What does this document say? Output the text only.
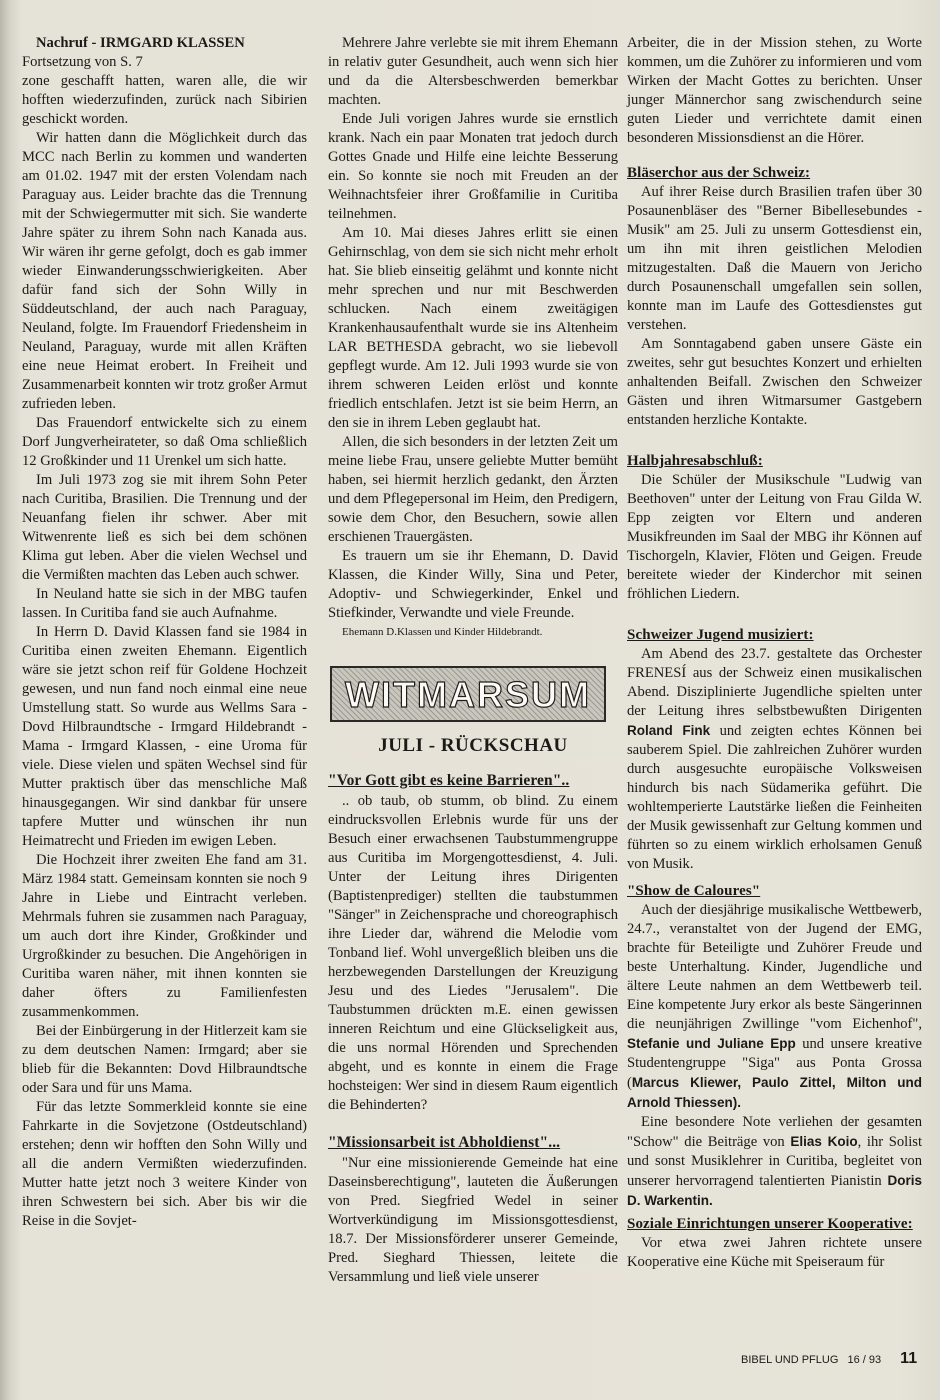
Nachruf - IRMGARD KLASSEN

Fortsetzung von S. 7

zone geschafft hatten, waren alle, die wir hofften wiederzufinden, zurück nach Sibirien geschickt worden.

Wir hatten dann die Möglichkeit durch das MCC nach Berlin zu kommen und wanderten am 01.02. 1947 mit der ersten Volendam nach Paraguay aus. Leider brachte das die Trennung mit der Schwiegermutter mit sich. Sie wanderte Jahre später zu ihrem Sohn nach Kanada aus. Wir wären ihr gerne gefolgt, doch es gab immer wieder Einwanderungsschwierigkeiten. Aber dafür fand sich der Sohn Willy in Süddeutschland, der auch nach Paraguay, Neuland, folgte. Im Frauendorf Friedensheim in Neuland, Paraguay, wurde mit allen Kräften eine neue Heimat erobert. In Freiheit und Zusammenarbeit konnten wir trotz großer Armut zufrieden leben.

Das Frauendorf entwickelte sich zu einem Dorf Jungverheirateter, so daß Oma schließlich 12 Großkinder und 11 Urenkel um sich hatte.

Im Juli 1973 zog sie mit ihrem Sohn Peter nach Curitiba, Brasilien. Die Trennung und der Neuanfang fielen ihr schwer. Aber mit Witwenrente ließ es sich bei dem schönen Klima gut leben. Aber die vielen Wechsel und die Vermißten machten das Leben auch schwer.

In Neuland hatte sie sich in der MBG taufen lassen. In Curitiba fand sie auch Aufnahme.

In Herrn D. David Klassen fand sie 1984 in Curitiba einen zweiten Ehemann. Eigentlich wäre sie jetzt schon reif für Goldene Hochzeit gewesen, und nun fand noch einmal eine neue Umstellung statt. So wurde aus Wellms Sara - Dovd Hilbraundtsche - Irmgard Hildebrandt - Mama - Irmgard Klassen, - eine Uroma für viele. Diese vielen und späten Wechsel sind für Mutter praktisch über das menschliche Maß hinausgegangen. Wir sind dankbar für unsere tapfere Mutter und wünschen ihr nun Heimatrecht und Frieden im ewigen Leben.

Die Hochzeit ihrer zweiten Ehe fand am 31. März 1984 statt. Gemeinsam konnten sie noch 9 Jahre in Liebe und Eintracht verleben. Mehrmals fuhren sie zusammen nach Paraguay, um auch dort ihre Kinder, Großkinder und Urgroßkinder zu besuchen. Die Angehörigen in Curitiba waren näher, mit ihnen konnten sie daher öfters zu Familienfesten zusammenkommen.

Bei der Einbürgerung in der Hitlerzeit kam sie zu dem deutschen Namen: Irmgard; aber sie blieb für die Bekannten: Dovd Hilbraundtsche oder Sara und für uns Mama.

Für das letzte Sommerkleid konnte sie eine Fahrkarte in die Sovjetzone (Ostdeutschland) erstehen; denn wir hofften den Sohn Willy und all die andern Vermißten wiederzufinden. Mutter hatte jetzt noch 3 weitere Kinder von ihren Schwestern bei sich. Aber bis wir die Reise in die Sovjet-

Mehrere Jahre verlebte sie mit ihrem Ehemann in relativ guter Gesundheit, auch wenn sich hier und da die Altersbeschwerden bemerkbar machten.

Ende Juli vorigen Jahres wurde sie ernstlich krank. Nach ein paar Monaten trat jedoch durch Gottes Gnade und Hilfe eine leichte Besserung ein. So konnte sie noch mit Freuden an der Weihnachtsfeier ihrer Großfamilie in Curitiba teilnehmen.

Am 10. Mai dieses Jahres erlitt sie einen Gehirnschlag, von dem sie sich nicht mehr erholt hat. Sie blieb einseitig gelähmt und konnte nicht mehr sprechen und nur mit Beschwerden schlucken. Nach einem zweitägigen Krankenhausaufenthalt wurde sie ins Altenheim LAR BETHESDA gebracht, wo sie liebevoll gepflegt wurde. Am 12. Juli 1993 wurde sie von ihrem schweren Leiden erlöst und konnte friedlich entschlafen. Jetzt ist sie beim Herrn, an den sie in ihrem Leben geglaubt hat.

Allen, die sich besonders in der letzten Zeit um meine liebe Frau, unsere geliebte Mutter bemüht haben, sei hiermit herzlich gedankt, den Ärzten und dem Pflegepersonal im Heim, den Predigern, sowie dem Chor, den Besuchern, sowie allen erschienen Trauergästen.

Es trauern um sie ihr Ehemann, D. David Klassen, die Kinder Willy, Sina und Peter, Adoptiv- und Schwiegerkinder, Enkel und Stiefkinder, Verwandte und viele Freunde.

Ehemann D.Klassen und Kinder Hildebrandt.

WITMARSUM
JULI - RÜCKSCHAU

"Vor Gott gibt es keine Barrieren"..

.. ob taub, ob stumm, ob blind. Zu einem eindrucksvollen Erlebnis wurde für uns der Besuch einer erwachsenen Taubstummengruppe aus Curitiba im Morgengottesdienst, 4. Juli. Unter der Leitung ihres Dirigenten (Baptistenprediger) stellten die taubstummen "Sänger" in Zeichensprache und choreographisch ihre Lieder dar, während die Melodie vom Tonband lief. Wohl unvergeßlich bleiben uns die herzbewegenden Darstellungen der Kreuzigung Jesu und des Liedes "Jerusalem". Die Taubstummen drückten m.E. einen gewissen inneren Reichtum und eine Glückseligkeit aus, die uns normal Hörenden und Sprechenden abgeht, und es konnte in einem die Frage hochsteigen: Wer sind in diesem Raum eigentlich die Behinderten?

"Missionsarbeit ist Abholdienst"...

"Nur eine missionierende Gemeinde hat eine Daseinsberechtigung", lauteten die Äußerungen von Pred. Siegfried Wedel in seiner Wortverkündigung im Missionsgottesdienst, 18.7. Der Missionsförderer unserer Gemeinde, Pred. Sieghard Thiessen, leitete die Versammlung und ließ viele unserer

Arbeiter, die in der Mission stehen, zu Worte kommen, um die Zuhörer zu informieren und vom Wirken der Macht Gottes zu berichten. Unser junger Männerchor sang zwischendurch seine guten Lieder und verrichtete damit einen besonderen Missionsdienst an die Hörer.

Bläserchor aus der Schweiz:

Auf ihrer Reise durch Brasilien trafen über 30 Posaunenbläser des "Berner Bibellesebundes - Musik" am 25. Juli zu unserm Gottesdienst ein, um ihn mit ihren geistlichen Melodien mitzugestalten. Daß die Mauern von Jericho durch Posaunenschall umgefallen sein sollen, konnte man im Laufe des Gottesdienstes gut verstehen.

Am Sonntagabend gaben unsere Gäste ein zweites, sehr gut besuchtes Konzert und erhielten anhaltenden Beifall. Zwischen den Schweizer Gästen und ihren Witmarsumer Gastgebern entstanden herzliche Kontakte.

Halbjahresabschluß:

Die Schüler der Musikschule "Ludwig van Beethoven" unter der Leitung von Frau Gilda W. Epp zeigten vor Eltern und anderen Musikfreunden im Saal der MBG ihr Können auf Tischorgeln, Klavier, Flöten und Geigen. Freude bereitete wieder der Kinderchor mit seinen fröhlichen Liedern.

Schweizer Jugend musiziert:

Am Abend des 23.7. gestaltete das Orchester FRENESÍ aus der Schweiz einen musikalischen Abend. Disziplinierte Jugendliche spielten unter der Leitung ihres selbstbewußten Dirigenten Roland Fink und zeigten echtes Können bei sauberem Spiel. Die zahlreichen Zuhörer wurden durch ausgesuchte europäische Volksweisen hindurch bis nach Südamerika geführt. Die wohltemperierte Lautstärke ließen die Feinheiten der Musik gewissenhaft zur Geltung kommen und führten so zu einem wirklich erholsamen Genuß von Musik.

"Show de Caloures"

Auch der diesjährige musikalische Wettbewerb, 24.7., veranstaltet von der Jugend der EMG, brachte für Beteiligte und Zuhörer Freude und beste Unterhaltung. Kinder, Jugendliche und ältere Leute nahmen an dem Wettbewerb teil. Eine kompetente Jury erkor als beste Sängerinnen die neunjährigen Zwillinge "vom Eichenhof", Stefanie und Juliane Epp und unsere kreative Studentengruppe "Siga" aus Ponta Grossa (Marcus Kliewer, Paulo Zittel, Milton und Arnold Thiessen).

Eine besondere Note verliehen der gesamten "Schow" die Beiträge von Elias Koio, ihr Solist und sonst Musiklehrer in Curitiba, begleitet von unserer hervorragend talentierten Pianistin Doris D. Warkentin.

Soziale Einrichtungen unserer Kooperative:

Vor etwa zwei Jahren richtete unsere Kooperative eine Küche mit Speiseraum für

BIBEL UND PFLUG 16 / 93 11
